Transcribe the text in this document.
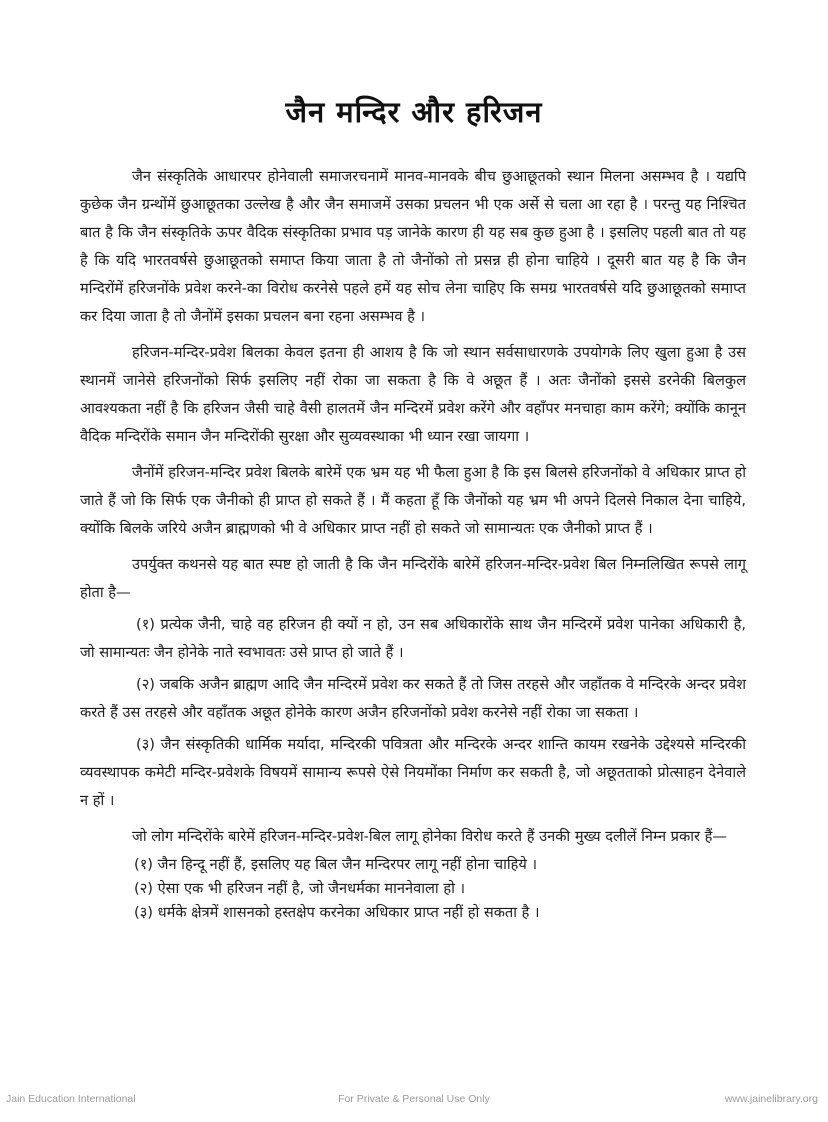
जैन मन्दिर और हरिजन

जैन संस्कृतिके आधारपर होनेवाली समाजरचनामें मानव-मानवके बीच छुआछूतको स्थान मिलना असम्भव है । यद्यपि कुछेक जैन ग्रन्थोंमें छुआछूतका उल्लेख है और जैन समाजमें उसका प्रचलन भी एक अर्से से चला आ रहा है । परन्तु यह निश्चित बात है कि जैन संस्कृतिके ऊपर वैदिक संस्कृतिका प्रभाव पड़ जानेके कारण ही यह सब कुछ हुआ है । इसलिए पहली बात तो यह है कि यदि भारतवर्षसे छुआछूतको समाप्त किया जाता है तो जैनोंको तो प्रसन्न ही होना चाहिये । दूसरी बात यह है कि जैन मन्दिरोंमें हरिजनोंके प्रवेश करने-का विरोध करनेसे पहले हमें यह सोच लेना चाहिए कि समग्र भारतवर्षसे यदि छुआछूतको समाप्त कर दिया जाता है तो जैनोंमें इसका प्रचलन बना रहना असम्भव है ।

हरिजन-मन्दिर-प्रवेश बिलका केवल इतना ही आशय है कि जो स्थान सर्वसाधारणके उपयोगके लिए खुला हुआ है उस स्थानमें जानेसे हरिजनोंको सिर्फ इसलिए नहीं रोका जा सकता है कि वे अछूत हैं । अतः जैनोंको इससे डरनेकी बिलकुल आवश्यकता नहीं है कि हरिजन जैसी चाहे वैसी हालतमें जैन मन्दिरमें प्रवेश करेंगे और वहाँपर मनचाहा काम करेंगे; क्योंकि कानून वैदिक मन्दिरोंके समान जैन मन्दिरोंकी सुरक्षा और सुव्यवस्थाका भी ध्यान रखा जायगा ।

जैनोंमें हरिजन-मन्दिर प्रवेश बिलके बारेमें एक भ्रम यह भी फैला हुआ है कि इस बिलसे हरिजनोंको वे अधिकार प्राप्त हो जाते हैं जो कि सिर्फ एक जैनीको ही प्राप्त हो सकते हैं । मैं कहता हूँ कि जैनोंको यह भ्रम भी अपने दिलसे निकाल देना चाहिये, क्योंकि बिलके जरिये अजैन ब्राह्मणको भी वे अधिकार प्राप्त नहीं हो सकते जो सामान्यतः एक जैनीको प्राप्त हैं ।

उपर्युक्त कथनसे यह बात स्पष्ट हो जाती है कि जैन मन्दिरोंके बारेमें हरिजन-मन्दिर-प्रवेश बिल निम्नलिखित रूपसे लागू होता है—

(१) प्रत्येक जैनी, चाहे वह हरिजन ही क्यों न हो, उन सब अधिकारोंके साथ जैन मन्दिरमें प्रवेश पानेका अधिकारी है, जो सामान्यतः जैन होनेके नाते स्वभावतः उसे प्राप्त हो जाते हैं ।

(२) जबकि अजैन ब्राह्मण आदि जैन मन्दिरमें प्रवेश कर सकते हैं तो जिस तरहसे और जहाँतक वे मन्दिरके अन्दर प्रवेश करते हैं उस तरहसे और वहाँतक अछूत होनेके कारण अजैन हरिजनोंको प्रवेश करनेसे नहीं रोका जा सकता ।

(३) जैन संस्कृतिकी धार्मिक मर्यादा, मन्दिरकी पवित्रता और मन्दिरके अन्दर शान्ति कायम रखनेके उद्देश्यसे मन्दिरकी व्यवस्थापक कमेटी मन्दिर-प्रवेशके विषयमें सामान्य रूपसे ऐसे नियमोंका निर्माण कर सकती है, जो अछूतताको प्रोत्साहन देनेवाले न हों ।

जो लोग मन्दिरोंके बारेमें हरिजन-मन्दिर-प्रवेश-बिल लागू होनेका विरोध करते हैं उनकी मुख्य दलीलें निम्न प्रकार हैं—

(१) जैन हिन्दू नहीं हैं, इसलिए यह बिल जैन मन्दिरपर लागू नहीं होना चाहिये ।
(२) ऐसा एक भी हरिजन नहीं है, जो जैनधर्मका माननेवाला हो ।
(३) धर्मके क्षेत्रमें शासनको हस्तक्षेप करनेका अधिकार प्राप्त नहीं हो सकता है ।
Jain Education International	For Private & Personal Use Only	www.jainelibrary.org
